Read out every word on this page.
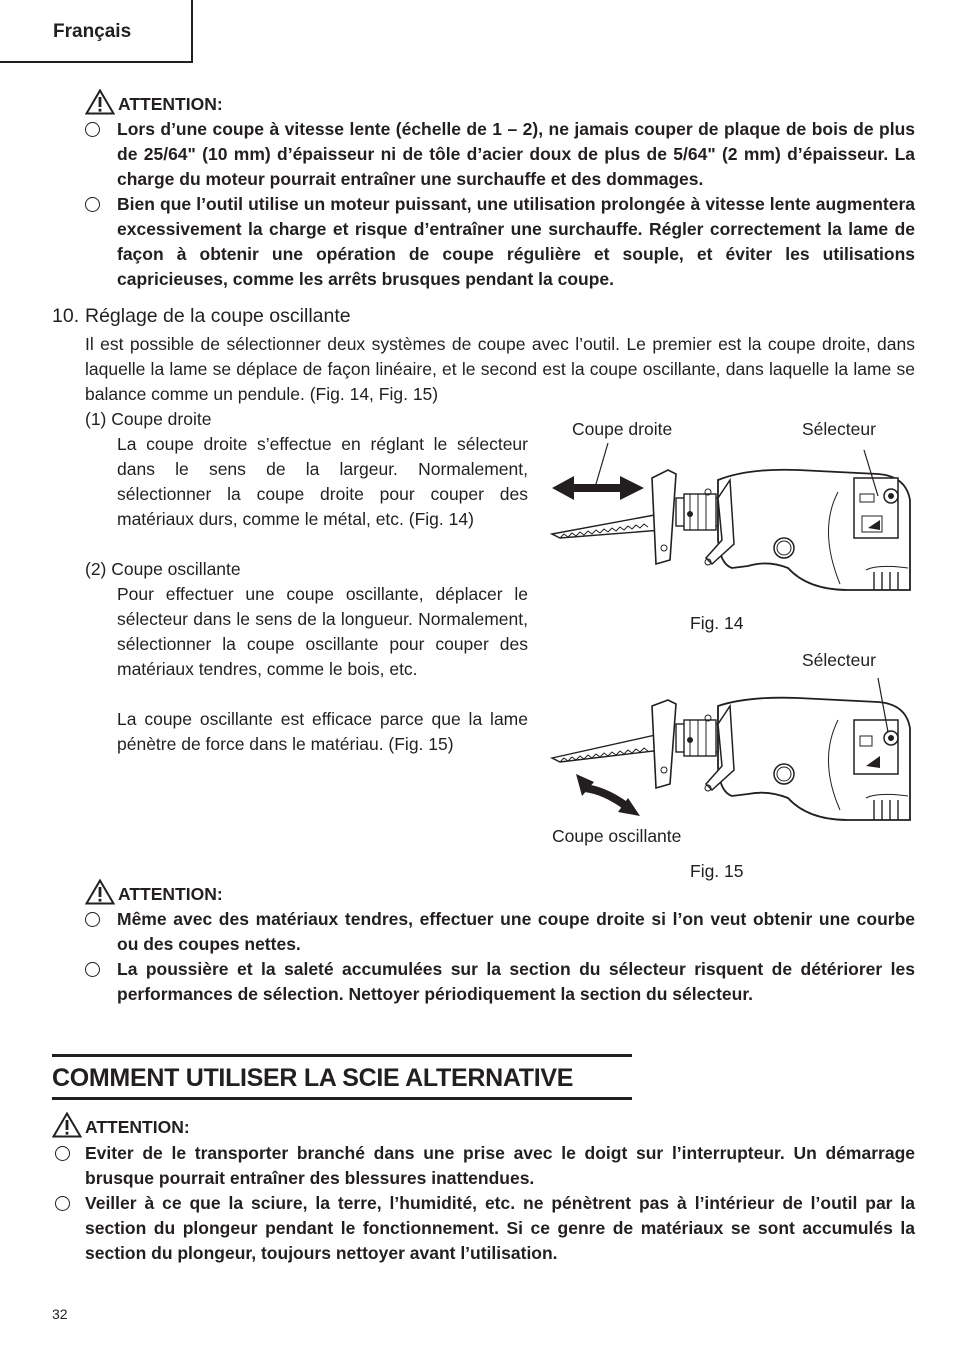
Français
ATTENTION:
Lors d’une coupe à vitesse lente (échelle de 1 – 2), ne jamais couper de plaque de bois de plus de 25/64" (10 mm) d’épaisseur ni de tôle d’acier doux de plus de 5/64" (2 mm) d’épaisseur. La charge du moteur pourrait entraîner une surchauffe et des dommages.
Bien que l’outil utilise un moteur puissant, une utilisation prolongée à vitesse lente augmentera excessivement la charge et risque d’entraîner une surchauffe. Régler correctement la lame de façon à obtenir une opération de coupe régulière et souple, et éviter les utilisations capricieuses, comme les arrêts brusques pendant la coupe.
10. Réglage de la coupe oscillante
Il est possible de sélectionner deux systèmes de coupe avec l’outil. Le premier est la coupe droite, dans laquelle la lame se déplace de façon linéaire, et le second est la coupe oscillante, dans laquelle la lame se balance comme un pendule. (Fig. 14, Fig. 15)
(1) Coupe droite
La coupe droite s’effectue en réglant le sélecteur dans le sens de la largeur. Normalement, sélectionner la coupe droite pour couper des matériaux durs, comme le métal, etc. (Fig. 14)
(2) Coupe oscillante
Pour effectuer une coupe oscillante, déplacer le sélecteur dans le sens de la longueur. Normalement, sélectionner la coupe oscillante pour couper des matériaux tendres, comme le bois, etc.
La coupe oscillante est efficace parce que la lame pénètre de force dans le matériau. (Fig. 15)
Coupe droite	Sélecteur
Fig. 14
Sélecteur
Coupe oscillante
Fig. 15
ATTENTION:
Même avec des matériaux tendres, effectuer une coupe droite si l’on veut obtenir une courbe ou des coupes nettes.
La poussière et la saleté accumulées sur la section du sélecteur risquent de détériorer les performances de sélection. Nettoyer périodiquement la section du sélecteur.
COMMENT UTILISER LA SCIE ALTERNATIVE
ATTENTION:
Eviter de le transporter branché dans une prise avec le doigt sur l’interrupteur. Un démarrage brusque pourrait entraîner des blessures inattendues.
Veiller à ce que la sciure, la terre, l’humidité, etc. ne pénètrent pas à l’intérieur de l’outil par la section du plongeur pendant le fonctionnement. Si ce genre de matériaux se sont accumulés la section du plongeur, toujours nettoyer avant l’utilisation.
32
